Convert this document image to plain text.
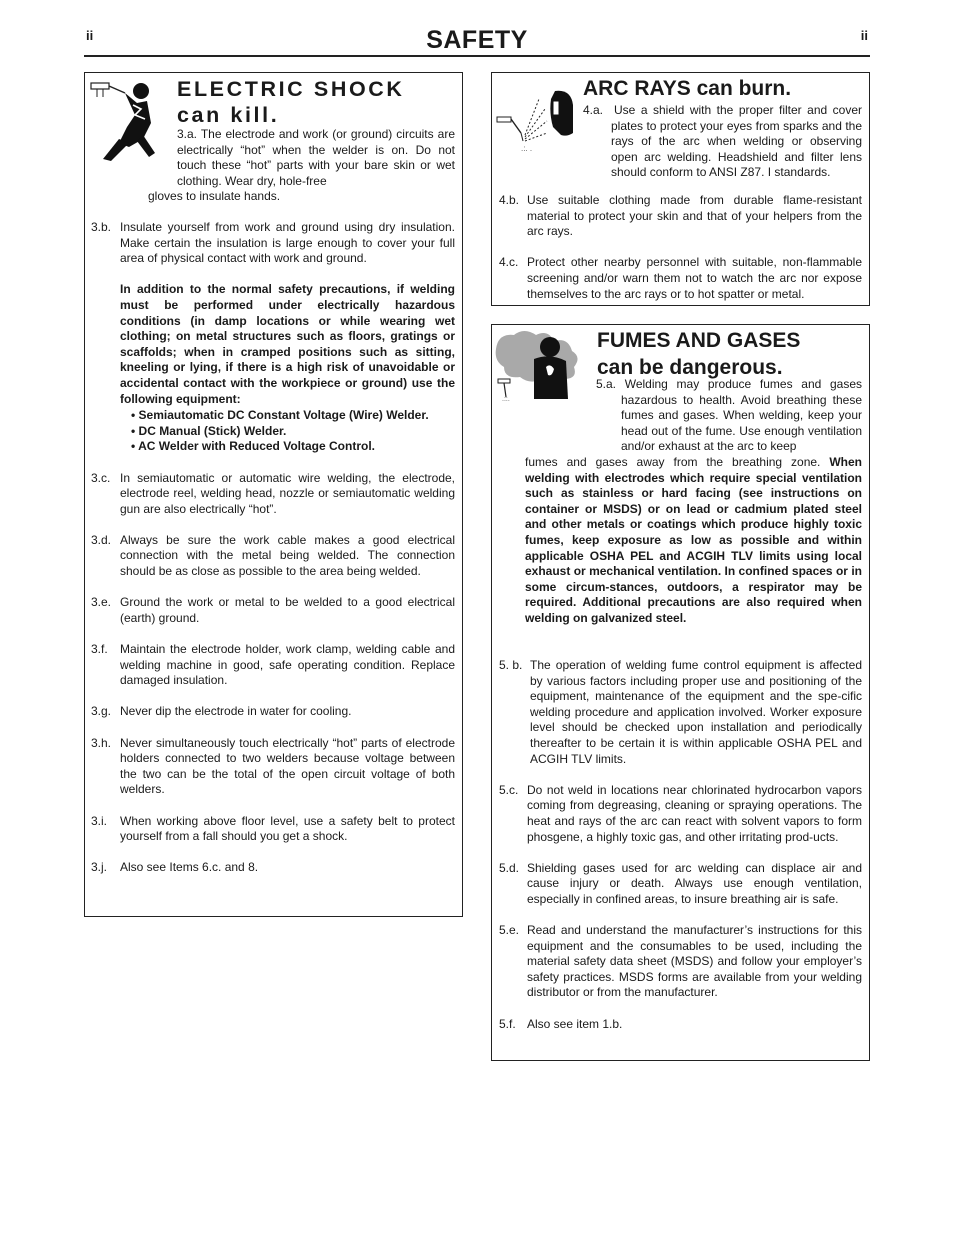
ii	ii
SAFETY
ELECTRIC SHOCK can kill.

3.a. The electrode and work (or ground) circuits are electrically “hot” when the welder is on. Do not touch these “hot” parts with your bare skin or wet clothing. Wear dry, hole-free

gloves to insulate hands.

3.b. Insulate yourself from work and ground using dry insulation. Make certain the insulation is large enough to cover your full area of physical contact with work and ground.

In addition to the normal safety precautions, if welding must be performed under electrically hazardous conditions (in damp locations or while wearing wet clothing; on metal structures such as floors, gratings or scaffolds; when in cramped positions such as sitting, kneeling or lying, if there is a high risk of unavoidable or accidental contact with the workpiece or ground) use the following equipment:

• Semiautomatic DC Constant Voltage (Wire) Welder.

• DC Manual (Stick) Welder.

• AC Welder with Reduced Voltage Control.

3.c. In semiautomatic or automatic wire welding, the electrode, electrode reel, welding head, nozzle or semiautomatic welding gun are also electrically “hot”.

3.d. Always be sure the work cable makes a good electrical connection with the metal being welded. The connection should be as close as possible to the area being welded.

3.e. Ground the work or metal to be welded to a good electrical (earth) ground.

3.f. Maintain the electrode holder, work clamp, welding cable and welding machine in good, safe operating condition. Replace damaged insulation.

3.g. Never dip the electrode in water for cooling.

3.h. Never simultaneously touch electrically “hot” parts of electrode holders connected to two welders because voltage between the two can be the total of the open circuit voltage of both welders.

3.i. When working above floor level, use a safety belt to protect yourself from a fall should you get a shock.

3.j. Also see Items 6.c. and 8.

.:. .
ARC RAYS can burn.
4.a. Use a shield with the proper filter and cover plates to protect your eyes from sparks and the rays of the arc when welding or observing open arc welding. Headshield and filter lens should conform to ANSI Z87. I standards.
4.b. Use suitable clothing made from durable flame-resistant material to protect your skin and that of your helpers from the arc rays.

4.c. Protect other nearby personnel with suitable, non-flammable screening and/or warn them not to watch the arc nor expose themselves to the arc rays or to hot spatter or metal.

.::.
FUMES AND GASES
can be dangerous.
5.a. Welding may produce fumes and gases hazardous to health. Avoid breathing these fumes and gases. When welding, keep your head out of the fume. Use enough ventilation and/or exhaust at the arc to keep

fumes and gases away from the breathing zone. When welding with electrodes which require special ventilation such as stainless or hard facing (see instructions on container or MSDS) or on lead or cadmium plated steel and other metals or coatings which produce highly toxic fumes, keep exposure as low as possible and within applicable OSHA PEL and ACGIH TLV limits using local exhaust or mechanical ventilation. In confined spaces or in some circum-stances, outdoors, a respirator may be required. Additional precautions are also required when welding on galvanized steel.

5. b. The operation of welding fume control equipment is affected by various factors including proper use and positioning of the equipment, maintenance of the equipment and the spe-cific welding procedure and application involved. Worker exposure level should be checked upon installation and periodically thereafter to be certain it is within applicable OSHA PEL and ACGIH TLV limits.

5.c. Do not weld in locations near chlorinated hydrocarbon vapors coming from degreasing, cleaning or spraying operations. The heat and rays of the arc can react with solvent vapors to form phosgene, a highly toxic gas, and other irritating prod-ucts.

5.d. Shielding gases used for arc welding can displace air and cause injury or death. Always use enough ventilation, especially in confined areas, to insure breathing air is safe.

5.e. Read and understand the manufacturer’s instructions for this equipment and the consumables to be used, including the material safety data sheet (MSDS) and follow your employer’s safety practices. MSDS forms are available from your welding distributor or from the manufacturer.

5.f. Also see item 1.b.
